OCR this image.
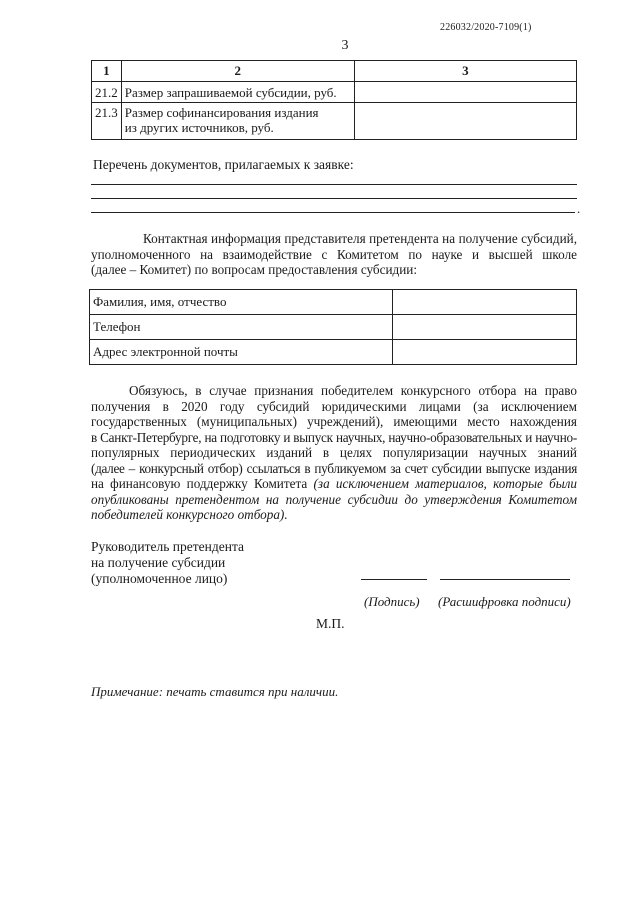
226032/2020-7109(1)
3
1	2	3
21.2	Размер запрашиваемой субсидии, руб.	
21.3	Размер софинансирования издания
из других источников, руб.	

Перечень документов, прилагаемых к заявке:
.
Контактная информация представителя претендента на получение субсидий,
уполномоченного на взаимодействие с Комитетом по науке и высшей школе
(далее – Комитет) по вопросам предоставления субсидии:
Фамилия, имя, отчество	
Телефон	
Адрес электронной почты	
Обязуюсь, в случае признания победителем конкурсного отбора на право
получения в 2020 году субсидий юридическими лицами (за исключением
государственных (муниципальных) учреждений), имеющими место нахождения
в Санкт-Петербурге, на подготовку и выпуск научных, научно-образовательных и научно-
популярных периодических изданий в целях популяризации научных знаний
(далее – конкурсный отбор) ссылаться в публикуемом за счет субсидии выпуске издания
на финансовую поддержку Комитета (за исключением материалов, которые были
опубликованы претендентом на получение субсидии до утверждения Комитетом
победителей конкурсного отбора).
Руководитель претендента
на получение субсидии
(уполномоченное лицо)
(Подпись) (Расшифровка подписи)
М.П.
Примечание: печать ставится при наличии.
